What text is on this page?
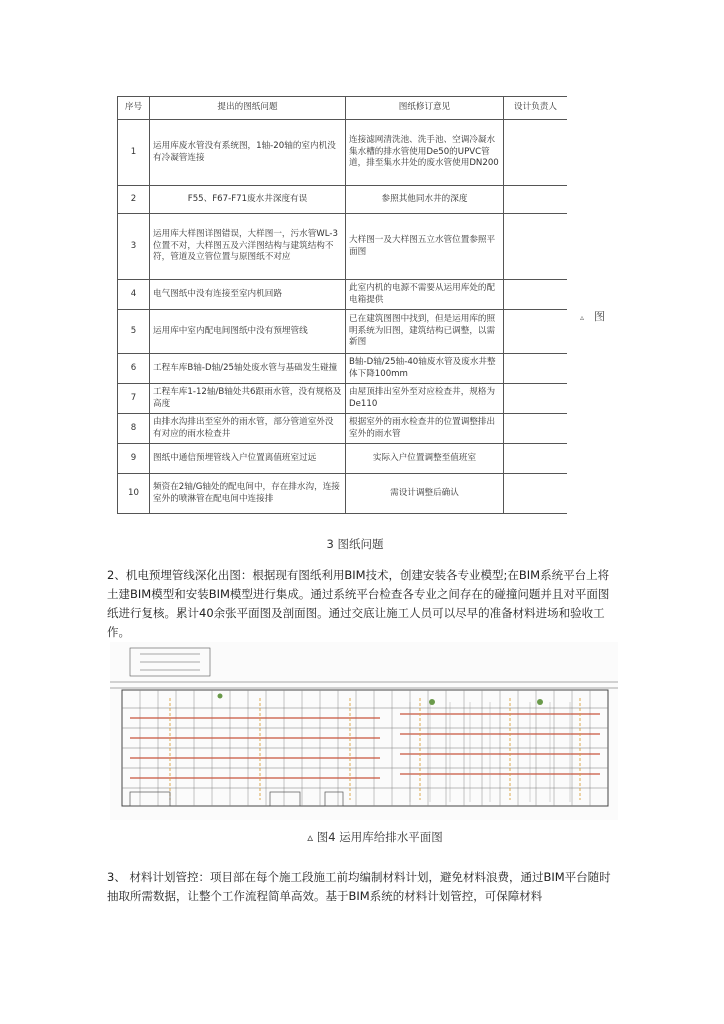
序号	提出的图纸问题	图纸修订意见	设计负责人
1	运用库废水管没有系统图，1轴-20轴的室内机没有冷凝管连接	连接滤网清洗池、洗手池、空调冷凝水集水槽的排水管使用De50的UPVC管道，排至集水井处的废水管使用DN200	
2	F55、F67-F71废水井深度有误	参照其他同水井的深度	
3	运用库大样图详图错误，大样图一，污水管WL-3位置不对，大样图五及六洋图结构与建筑结构不符，管道及立管位置与原图纸不对应	大样图一及大样图五立水管位置参照平面图	
4	电气图纸中没有连接至室内机回路	此室内机的电源不需要从运用库处的配电箱提供	
5	运用库中室内配电间图纸中没有预埋管线	已在建筑图图中找到，但是运用库的照明系统为旧图，建筑结构已调整，以需新图	
6	工程车库B轴-D轴/25轴处废水管与基础发生碰撞	B轴-D轴/25轴-40轴废水管及废水井整体下降100mm	
7	工程车库1-12轴/B轴处共6跟雨水管，没有规格及高度	由屋顶排出室外至对应检查井，规格为De110	
8	由排水沟排出至室外的雨水管，部分管道室外没有对应的雨水检查井	根据室外的雨水检查井的位置调整排出室外的雨水管	
9	图纸中通信预埋管线入户位置离值班室过远	实际入户位置调整至值班室	
10	频资在2轴/G轴处的配电间中，存在排水沟，连接室外的喷淋管在配电间中连接排	需设计调整后确认	
▵ 图
3 图纸问题
2、机电预埋管线深化出图：根据现有图纸利用BIM技术，创建安装各专业模型;在BIM系统平台上将土建BIM模型和安装BIM模型进行集成。通过系统平台检查各专业之间存在的碰撞问题并且对平面图纸进行复核。累计40余张平面图及剖面图。通过交底让施工人员可以尽早的准备材料进场和验收工作。
▵ 图4 运用库给排水平面图
3、 材料计划管控：项目部在每个施工段施工前均编制材料计划，避免材料浪费，通过BIM平台随时抽取所需数据，让整个工作流程简单高效。基于BIM系统的材料计划管控，可保障材料
